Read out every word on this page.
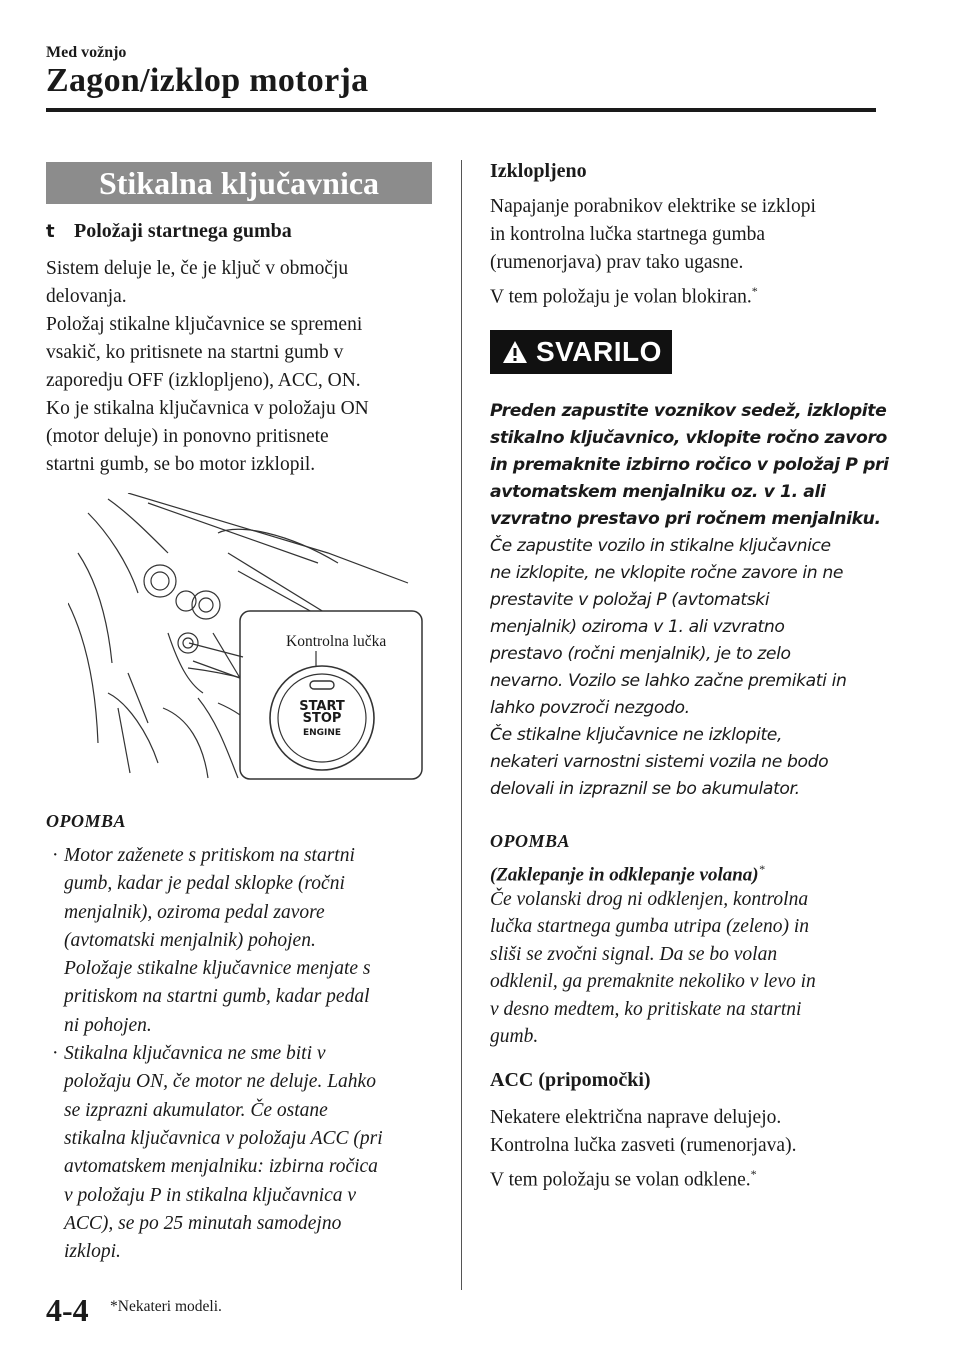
Med vožnjo
Zagon/izklop motorja
Stikalna ključavnica
t Položaji startnega gumba

Sistem deluje le, če je ključ v območju

delovanja.

Položaj stikalne ključavnice se spremeni

vsakič, ko pritisnete na startni gumb v

zaporedju OFF (izklopljeno), ACC, ON.

Ko je stikalna ključavnica v položaju ON

(motor deluje) in ponovno pritisnete

startni gumb, se bo motor izklopil.

Kontrolna lučka
START
STOP
ENGINE
OPOMBA
· Motor zaženete s pritiskom na startni
gumb, kadar je pedal sklopke (ročni
menjalnik), oziroma pedal zavore
(avtomatski menjalnik) pohojen.
Položaje stikalne ključavnice menjate s
pritiskom na startni gumb, kadar pedal
ni pohojen.
· Stikalna ključavnica ne sme biti v
položaju ON, če motor ne deluje. Lahko
se izprazni akumulator. Če ostane
stikalna ključavnica v položaju ACC (pri
avtomatskem menjalniku: izbirna ročica
v položaju P in stikalna ključavnica v
ACC), se po 25 minutah samodejno
izklopi.
Izklopljeno

Napajanje porabnikov elektrike se izklopi

in kontrolna lučka startnega gumba

(rumenorjava) prav tako ugasne.

V tem položaju je volan blokiran.*

SVARILO
Preden zapustite voznikov sedež, izklopite
stikalno ključavnico, vklopite ročno zavoro
in premaknite izbirno ročico v položaj P pri
avtomatskem menjalniku oz. v 1. ali
vzvratno prestavo pri ročnem menjalniku.
Če zapustite vozilo in stikalne ključavnice
ne izklopite, ne vklopite ročne zavore in ne
prestavite v položaj P (avtomatski
menjalnik) oziroma v 1. ali vzvratno
prestavo (ročni menjalnik), je to zelo
nevarno. Vozilo se lahko začne premikati in
lahko povzroči nezgodo.
Če stikalne ključavnice ne izklopite,
nekateri varnostni sistemi vozila ne bodo
delovali in izpraznil se bo akumulator.
OPOMBA
(Zaklepanje in odklepanje volana)*

Če volanski drog ni odklenjen, kontrolna

lučka startnega gumba utripa (zeleno) in

sliši se zvočni signal. Da se bo volan

odklenil, ga premaknite nekoliko v levo in

v desno medtem, ko pritiskate na startni

gumb.

ACC (pripomočki)

Nekatere električna naprave delujejo.

Kontrolna lučka zasveti (rumenorjava).

V tem položaju se volan odklene.*

4-4 *Nekateri modeli.
